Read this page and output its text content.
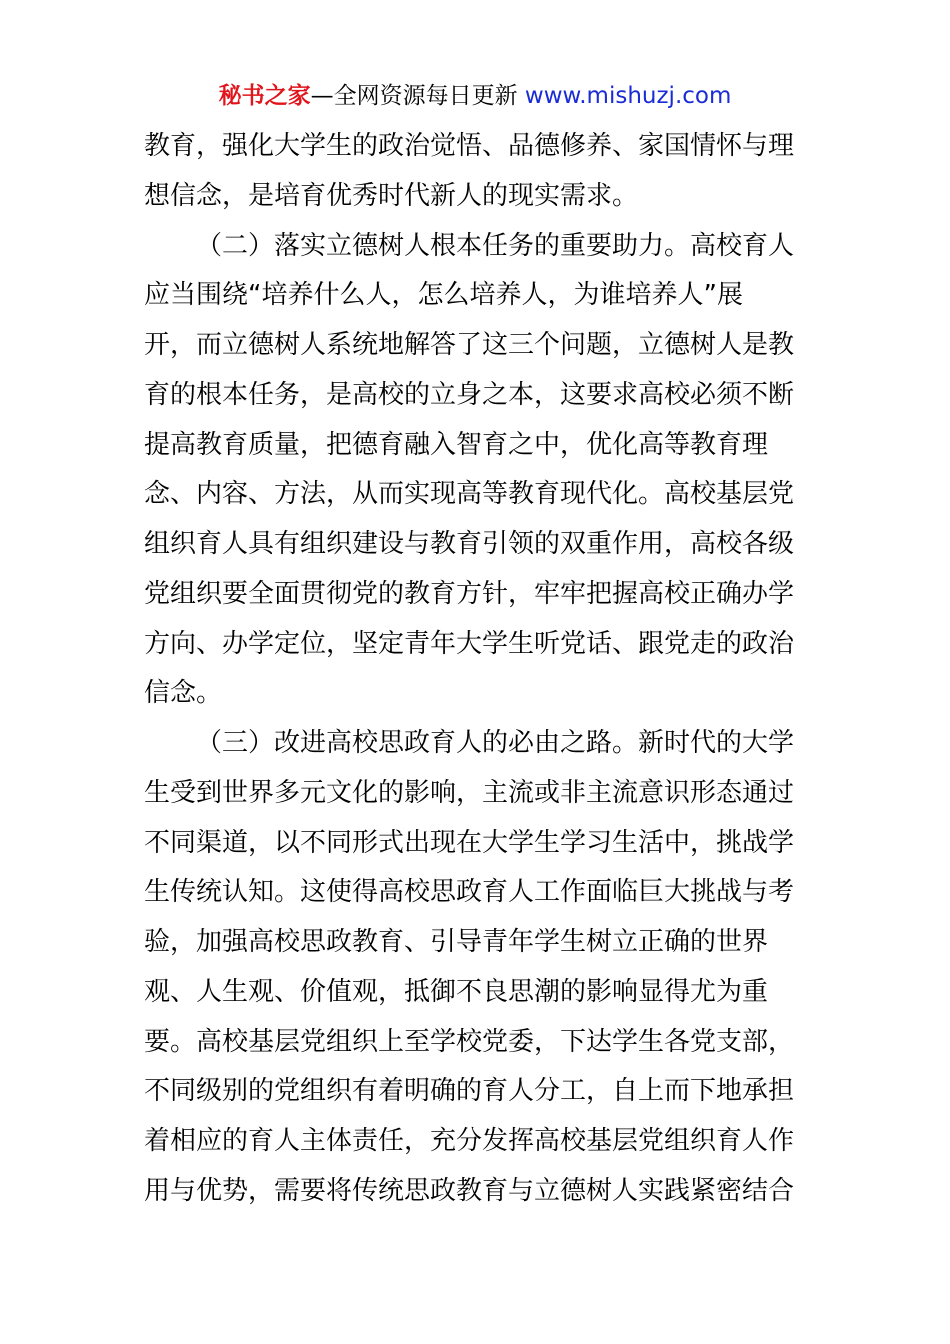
秘书之家—全网资源每日更新 www.mishuzj.com
教育，强化大学生的政治觉悟、品德修养、家国情怀与理
想信念，是培育优秀时代新人的现实需求。
（二）落实立德树人根本任务的重要助力。高校育人
应当围绕“培养什么人，怎么培养人，为谁培养人”展
开，而立德树人系统地解答了这三个问题，立德树人是教
育的根本任务，是高校的立身之本，这要求高校必须不断
提高教育质量，把德育融入智育之中，优化高等教育理
念、内容、方法，从而实现高等教育现代化。高校基层党
组织育人具有组织建设与教育引领的双重作用，高校各级
党组织要全面贯彻党的教育方针，牢牢把握高校正确办学
方向、办学定位，坚定青年大学生听党话、跟党走的政治
信念。
（三）改进高校思政育人的必由之路。新时代的大学
生受到世界多元文化的影响，主流或非主流意识形态通过
不同渠道，以不同形式出现在大学生学习生活中，挑战学
生传统认知。这使得高校思政育人工作面临巨大挑战与考
验，加强高校思政教育、引导青年学生树立正确的世界
观、人生观、价值观，抵御不良思潮的影响显得尤为重
要。高校基层党组织上至学校党委，下达学生各党支部，
不同级别的党组织有着明确的育人分工，自上而下地承担
着相应的育人主体责任，充分发挥高校基层党组织育人作
用与优势，需要将传统思政教育与立德树人实践紧密结合
